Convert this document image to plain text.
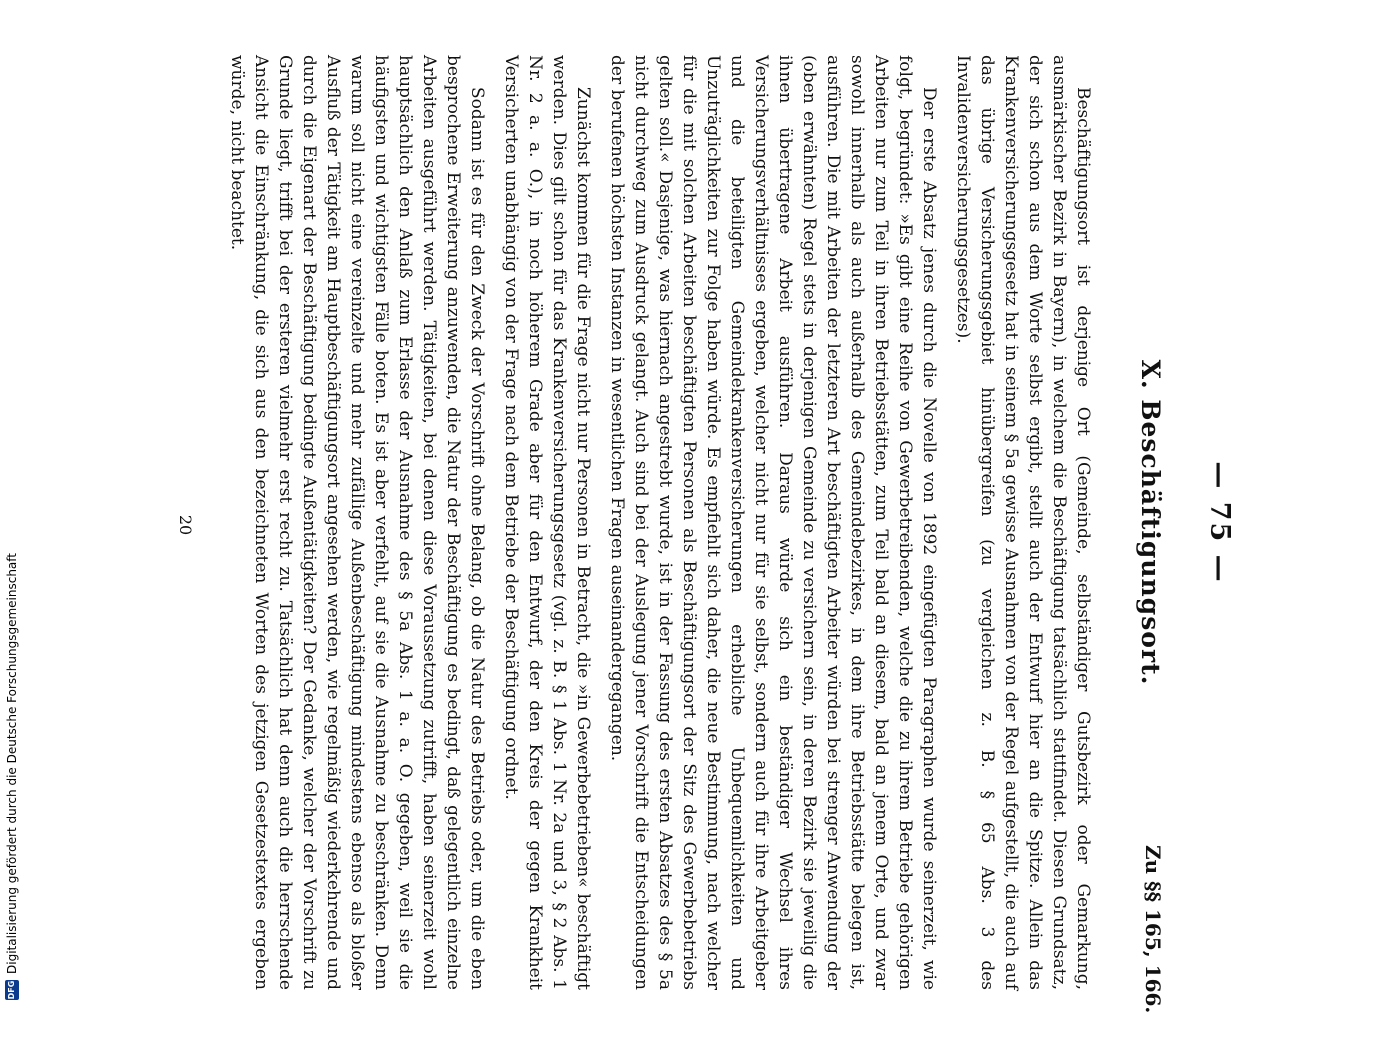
— 75 —
X. Beschäftigungsort.
Zu §§ 165, 166.

Beschäftigungsort ist derjenige Ort (Gemeinde, selbständiger Gutsbezirk oder Gemarkung, ausmärkischer Bezirk in Bayern), in welchem die Beschäftigung tatsächlich stattfindet. Diesen Grundsatz, der sich schon aus dem Worte selbst ergibt, stellt auch der Entwurf hier an die Spitze. Allein das Krankenversicherungsgesetz hat in seinem § 5a gewisse Ausnahmen von der Regel aufgestellt, die auch auf das übrige Versicherungsgebiet hinübergreifen (zu vergleichen z. B. § 65 Abs. 3 des Invalidenversicherungsgesetzes).

Der erste Absatz jenes durch die Novelle von 1892 eingefügten Paragraphen wurde seinerzeit, wie folgt, begründet: »Es gibt eine Reihe von Gewerbetreibenden, welche die zu ihrem Betriebe gehörigen Arbeiten nur zum Teil in ihren Betriebsstätten, zum Teil bald an diesem, bald an jenem Orte, und zwar sowohl innerhalb als auch außerhalb des Gemeindebezirkes, in dem ihre Betriebsstätte belegen ist, ausführen. Die mit Arbeiten der letzteren Art beschäftigten Arbeiter würden bei strenger Anwendung der (oben erwähnten) Regel stets in derjenigen Gemeinde zu versichern sein, in deren Bezirk sie jeweilig die ihnen übertragene Arbeit ausführen. Daraus würde sich ein beständiger Wechsel ihres Versicherungsverhältnisses ergeben, welcher nicht nur für sie selbst, sondern auch für ihre Arbeitgeber und die beteiligten Gemeindekrankenversicherungen erhebliche Unbequemlichkeiten und Unzuträglichkeiten zur Folge haben würde. Es empfiehlt sich daher, die neue Bestimmung, nach welcher für die mit solchen Arbeiten beschäftigten Personen als Beschäftigungsort der Sitz des Gewerbebetriebs gelten soll.« Dasjenige, was hiernach angestrebt wurde, ist in der Fassung des ersten Absatzes des § 5a nicht durchweg zum Ausdruck gelangt. Auch sind bei der Auslegung jener Vorschrift die Entscheidungen der berufenen höchsten Instanzen in wesentlichen Fragen auseinandergegangen.

Zunächst kommen für die Frage nicht nur Personen in Betracht, die »in Gewerbebetrieben« beschäftigt werden. Dies gilt schon für das Krankenversicherungsgesetz (vgl. z. B. § 1 Abs. 1 Nr. 2a und 3, § 2 Abs. 1 Nr. 2 a. a. O.), in noch höherem Grade aber für den Entwurf, der den Kreis der gegen Krankheit Versicherten unabhängig von der Frage nach dem Betriebe der Beschäftigung ordnet.

Sodann ist es für den Zweck der Vorschrift ohne Belang, ob die Natur des Betriebs oder, um die eben besprochene Erweiterung anzuwenden, die Natur der Beschäftigung es bedingt, daß gelegentlich einzelne Arbeiten ausgeführt werden. Tätigkeiten, bei denen diese Voraussetzung zutrifft, haben seinerzeit wohl hauptsächlich den Anlaß zum Erlasse der Ausnahme des § 5a Abs. 1 a. a. O. gegeben, weil sie die häufigsten und wichtigsten Fälle boten. Es ist aber verfehlt, auf sie die Ausnahme zu beschränken. Denn warum soll nicht eine vereinzelte und mehr zufällige Außenbeschäftigung mindestens ebenso als bloßer Ausfluß der Tätigkeit am Hauptbeschäftigungsort angesehen werden, wie regelmäßig wiederkehrende und durch die Eigenart der Beschäftigung bedingte Außentätigkeiten? Der Gedanke, welcher der Vorschrift zu Grunde liegt, trifft bei der ersteren vielmehr erst recht zu. Tatsächlich hat denn auch die herrschende Ansicht die Einschränkung, die sich aus den bezeichneten Worten des jetzigen Gesetzestextes ergeben würde, nicht beachtet.

20
DFG
Digitalisierung gefördert durch die Deutsche Forschungsgemeinschaft
